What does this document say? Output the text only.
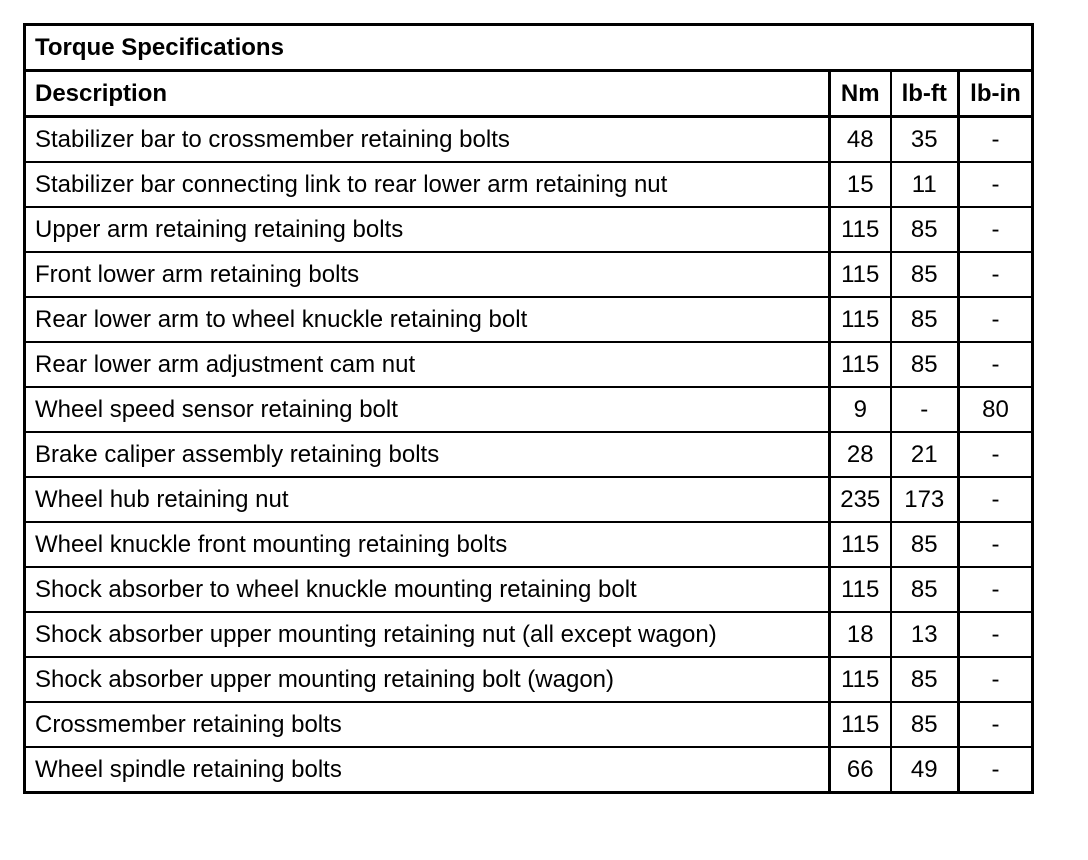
Torque Specifications			
Description	Nm	lb-ft	lb-in
Stabilizer bar to crossmember retaining bolts	48	35	-
Stabilizer bar connecting link to rear lower arm retaining nut	15	11	-
Upper arm retaining retaining bolts	115	85	-
Front lower arm retaining bolts	115	85	-
Rear lower arm to wheel knuckle retaining bolt	115	85	-
Rear lower arm adjustment cam nut	115	85	-
Wheel speed sensor retaining bolt	9	-	80
Brake caliper assembly retaining bolts	28	21	-
Wheel hub retaining nut	235	173	-
Wheel knuckle front mounting retaining bolts	115	85	-
Shock absorber to wheel knuckle mounting retaining bolt	115	85	-
Shock absorber upper mounting retaining nut (all except wagon)	18	13	-
Shock absorber upper mounting retaining bolt (wagon)	115	85	-
Crossmember retaining bolts	115	85	-
Wheel spindle retaining bolts	66	49	-
